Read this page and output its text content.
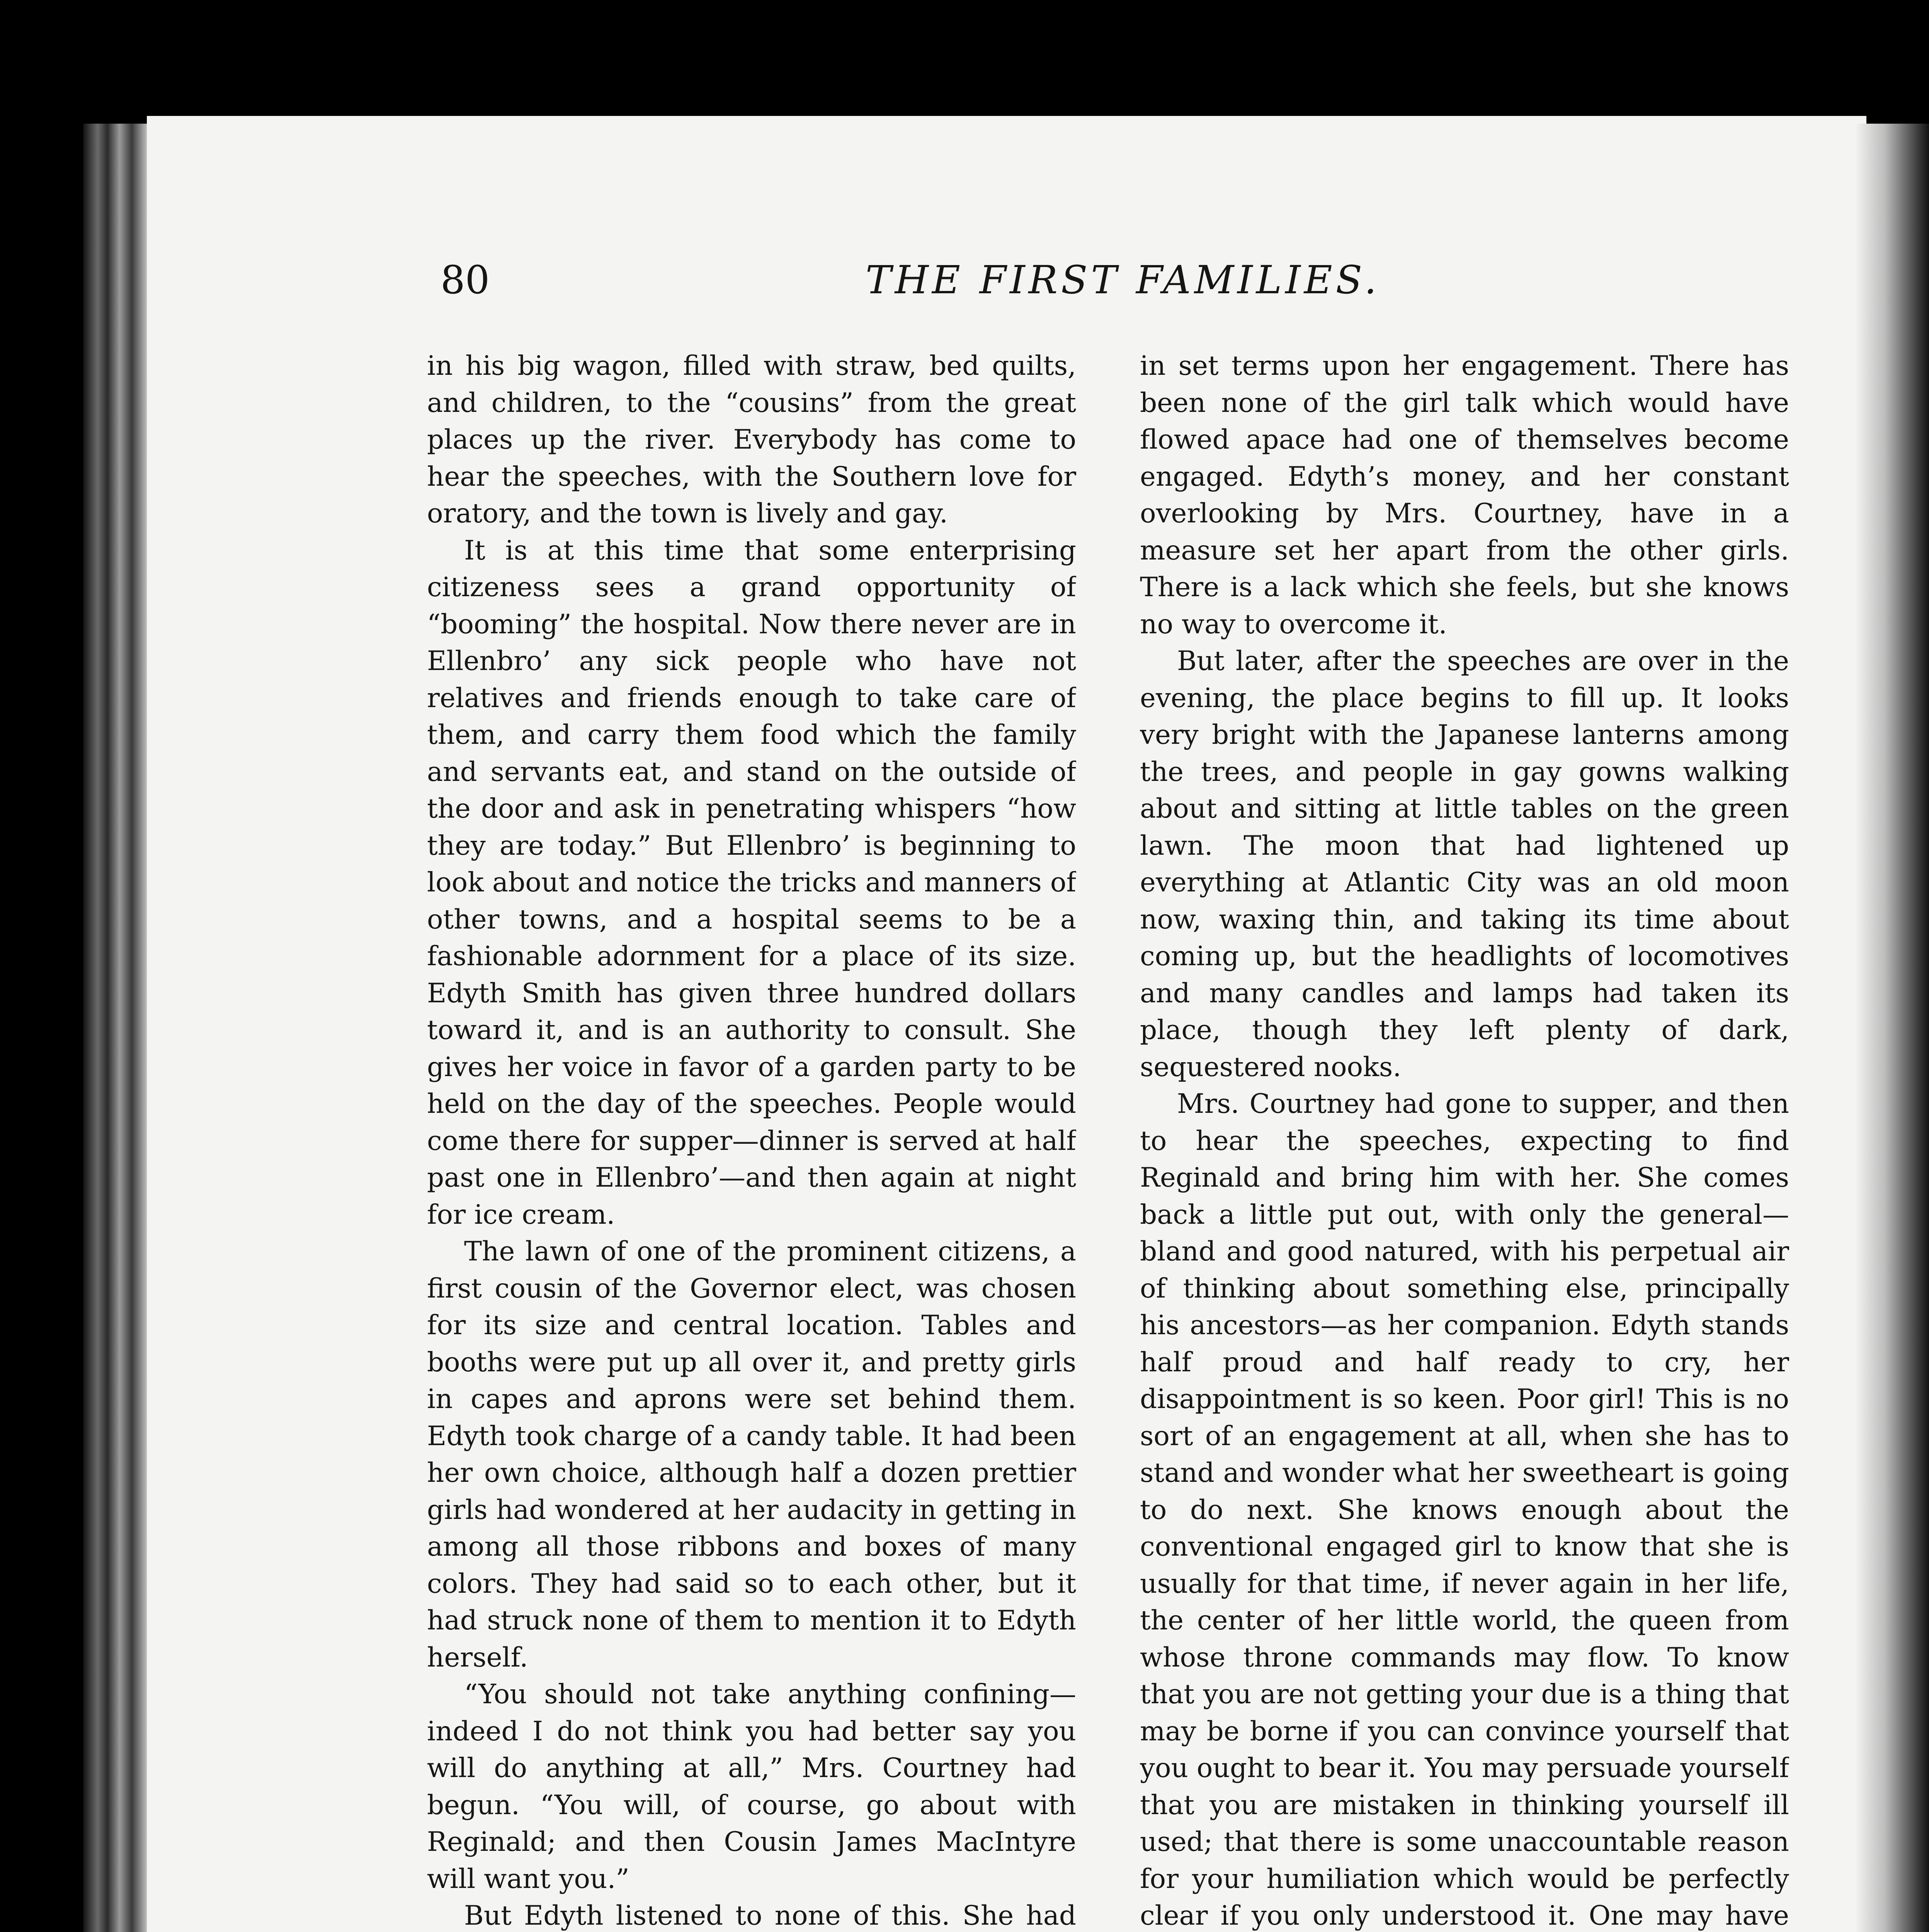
80	THE FIRST FAMILIES.

in his big wagon, filled with straw, bed quilts, and children, to the “cousins” from the great places up the river. Everybody has come to hear the speeches, with the Southern love for oratory, and the town is lively and gay.

It is at this time that some enterprising citizeness sees a grand opportunity of “booming” the hospital. Now there never are in Ellenbro’ any sick people who have not relatives and friends enough to take care of them, and carry them food which the family and servants eat, and stand on the outside of the door and ask in penetrating whispers “how they are today.” But Ellenbro’ is beginning to look about and notice the tricks and manners of other towns, and a hospital seems to be a fashionable adornment for a place of its size. Edyth Smith has given three hundred dollars toward it, and is an authority to consult. She gives her voice in favor of a garden party to be held on the day of the speeches. People would come there for supper—dinner is served at half past one in Ellenbro’—and then again at night for ice cream.

The lawn of one of the prominent citizens, a first cousin of the Governor elect, was chosen for its size and central location. Tables and booths were put up all over it, and pretty girls in capes and aprons were set behind them. Edyth took charge of a candy table. It had been her own choice, although half a dozen prettier girls had wondered at her audacity in getting in among all those ribbons and boxes of many colors. They had said so to each other, but it had struck none of them to mention it to Edyth herself.

“You should not take anything confining—indeed I do not think you had better say you will do anything at all,” Mrs. Courtney had begun. “You will, of course, go about with Reginald; and then Cousin James MacIntyre will want you.”

But Edyth listened to none of this. She had

in set terms upon her engagement. There has been none of the girl talk which would have flowed apace had one of themselves become engaged. Edyth’s money, and her constant overlooking by Mrs. Courtney, have in a measure set her apart from the other girls. There is a lack which she feels, but she knows no way to overcome it.

But later, after the speeches are over in the evening, the place begins to fill up. It looks very bright with the Japanese lanterns among the trees, and people in gay gowns walking about and sitting at little tables on the green lawn. The moon that had lightened up everything at Atlantic City was an old moon now, waxing thin, and taking its time about coming up, but the headlights of locomotives and many candles and lamps had taken its place, though they left plenty of dark, sequestered nooks.

Mrs. Courtney had gone to supper, and then to hear the speeches, expecting to find Reginald and bring him with her. She comes back a little put out, with only the general—bland and good natured, with his perpetual air of thinking about something else, principally his ancestors—as her companion. Edyth stands half proud and half ready to cry, her disappointment is so keen. Poor girl! This is no sort of an engagement at all, when she has to stand and wonder what her sweetheart is going to do next. She knows enough about the conventional engaged girl to know that she is usually for that time, if never again in her life, the center of her little world, the queen from whose throne commands may flow. To know that you are not getting your due is a thing that may be borne if you can convince yourself that you ought to bear it. You may persuade yourself that you are mistaken in thinking yourself ill used; that there is some unaccountable reason for your humiliation which would be perfectly clear if you only understood it. One may have
